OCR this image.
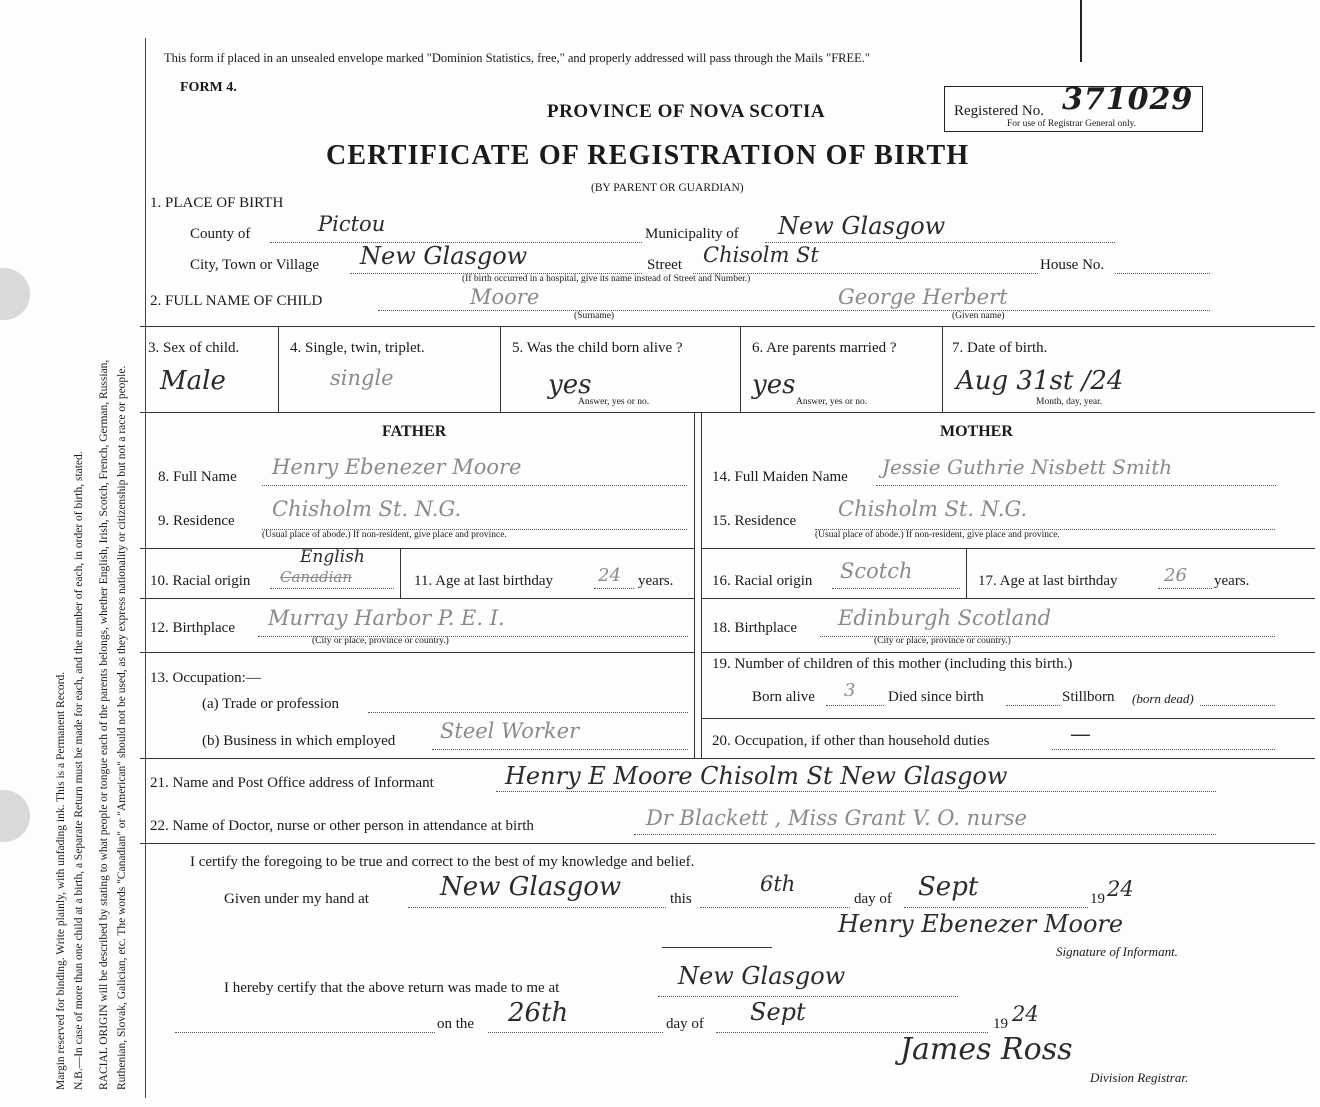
Margin reserved for binding. Write plainly, with unfading ink. This is a Permanent Record. N.B.—In case of more than one child at a birth, a Separate Return must be made for each, and the number of each, in order of birth, stated. RACIAL ORIGIN will be described by stating to what people or tongue each of the parents belongs, whether English, Irish, Scotch, French, German, Russian, Ruthenian, Slovak, Galician, etc. The words "Canadian" or "American" should not be used, as they express nationality or citizenship but not a race or people.
This form if placed in an unsealed envelope marked "Dominion Statistics, free," and properly addressed will pass through the Mails "FREE."
FORM 4.
PROVINCE OF NOVA SCOTIA	Registered No. 371029
For use of Registrar General only.
CERTIFICATE OF REGISTRATION OF BIRTH
(BY PARENT OR GUARDIAN)
1. PLACE OF BIRTH
County of	Pictou	Municipality of New Glasgow
City, Town or Village New Glasgow	Street Chisolm St	House No.
(If birth occurred in a hospital, give its name instead of Street and Number.)
2. FULL NAME OF CHILD	Moore	George Herbert
(Surname)	(Given name)
3. Sex of child.
Male
4. Single, twin, triplet.
single
5. Was the child born alive ?
yes
Answer, yes or no.
6. Are parents married ?
yes
Answer, yes or no.
7. Date of birth.
Aug 31st /24
Month, day, year.
FATHER	MOTHER
8. Full Name Henry Ebenezer Moore
9. Residence Chisholm St. N.G.
(Usual place of abode.) If non-resident, give place and province.
10. Racial origin
English
Canadian	11. Age at last birthday	24 years.
12. Birthplace Murray Harbor P. E. I.
(City or place, province or country.)
13. Occupation:—
(a) Trade or profession
(b) Business in which employed Steel Worker
14. Full Maiden Name Jessie Guthrie Nisbett Smith
15. Residence Chisholm St. N.G.
(Usual place of abode.) If non-resident, give place and province.
16. Racial origin Scotch	17. Age at last birthday	26 years.
18. Birthplace Edinburgh Scotland
(City or place, province or country.)
19. Number of children of this mother (including this birth.)
Born alive 3 Died since birth	Stillborn (born dead)
20. Occupation, if other than household duties	—
21. Name and Post Office address of Informant	Henry E Moore Chisolm St New Glasgow
22. Name of Doctor, nurse or other person in attendance at birth	Dr Blackett , Miss Grant V. O. nurse
I certify the foregoing to be true and correct to the best of my knowledge and belief.
Given under my hand at	New Glasgow	this
6th
day of Sept	19 24
Henry Ebenezer Moore
Signature of Informant.
I hereby certify that the above return was made to me at	New Glasgow
on the 26th	day of Sept	19 24
James Ross
Division Registrar.
